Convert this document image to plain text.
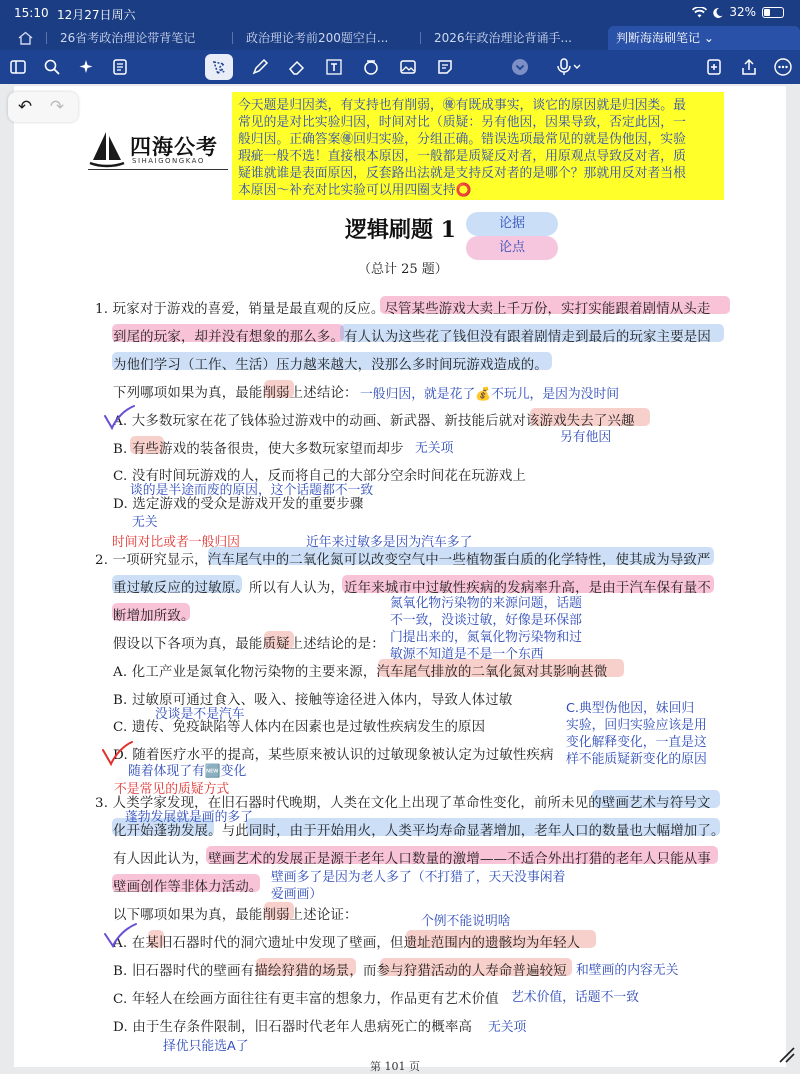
15:10 12月27日周六	32%
26省考政治理论带背笔记	政治理论考前200题空白...	2026年政治理论背诵手...	判断海海刷笔记 ⌄
↶ ↷
四海公考
SIHAIGONGKAO
今天题是归因类，有支持也有削弱，㊝有既成事实，谈它的原因就是归因类。最
常见的是对比实验归因，时间对比（质疑：另有他因，因果导致，否定此因，一
般归因。正确答案㊝回归实验，分组正确。错误选项最常见的就是伪他因，实验
瑕疵一般不选！直接根本原因，一般都是质疑反对者，用原观点导致反对者，质
疑谁就谁是表面原因，反套路出法就是支持反对者的是哪个？那就用反对者当根
本原因～补充对比实验可以用四圈支持⭕
逻辑刷题 1
（总计 25 题）
论据
论点
1. 玩家对于游戏的喜爱，销量是最直观的反应。尽管某些游戏大卖上千万份，实打实能跟着剧情从头走
到尾的玩家，却并没有想象的那么多。有人认为这些花了钱但没有跟着剧情走到最后的玩家主要是因
为他们学习（工作、生活）压力越来越大，没那么多时间玩游戏造成的。
下列哪项如果为真，最能削弱上述结论： 一般归因，就是花了💰不玩儿，是因为没时间
A. 大多数玩家在花了钱体验过游戏中的动画、新武器、新技能后就对该游戏失去了兴趣
另有他因
B. 有些游戏的装备很贵，使大多数玩家望而却步 无关项
C. 没有时间玩游戏的人，反而将自己的大部分空余时间花在玩游戏上
谈的是半途而废的原因，这个话题都不一致
D. 选定游戏的受众是游戏开发的重要步骤
无关
时间对比或者一般归因	近年来过敏多是因为汽车多了
2. 一项研究显示，汽车尾气中的二氧化氮可以改变空气中一些植物蛋白质的化学特性，使其成为导致严
重过敏反应的过敏原。所以有人认为，近年来城市中过敏性疾病的发病率升高，是由于汽车保有量不
断增加所致。
假设以下各项为真，最能质疑上述结论的是：
氮氧化物污染物的来源问题，话题
不一致，没谈过敏，好像是环保部
门提出来的，氮氧化物污染物和过
敏源不知道是不是一个东西
A. 化工产业是氮氧化物污染物的主要来源，汽车尾气排放的二氧化氮对其影响甚微
B. 过敏原可通过食入、吸入、接触等途径进入体内，导致人体过敏
没谈是不是汽车	C.典型伪他因，妹回归
实验，回归实验应该是用
变化解释变化，一直是这
样不能质疑新变化的原因
C. 遗传、免疫缺陷等人体内在因素也是过敏性疾病发生的原因
D. 随着医疗水平的提高，某些原来被认识的过敏现象被认定为过敏性疾病
随着体现了有🆕变化
不是常见的质疑方式
3. 人类学家发现，在旧石器时代晚期，人类在文化上出现了革命性变化，前所未见的壁画艺术与符号文
蓬勃发展就是画的多了
化开始蓬勃发展。与此同时，由于开始用火，人类平均寿命显著增加，老年人口的数量也大幅增加了。
有人因此认为，壁画艺术的发展正是源于老年人口数量的激增——不适合外出打猎的老年人只能从事
壁画创作等非体力活动。
壁画多了是因为老人多了（不打猎了，天天没事闲着
爱画画）
以下哪项如果为真，最能削弱上述论证：	个例不能说明啥
A. 在某旧石器时代的洞穴遗址中发现了壁画，但遗址范围内的遗骸均为年轻人
B. 旧石器时代的壁画有描绘狩猎的场景，而参与狩猎活动的人寿命普遍较短 和壁画的内容无关
C. 年轻人在绘画方面往往有更丰富的想象力，作品更有艺术价值 艺术价值，话题不一致
D. 由于生存条件限制，旧石器时代老年人患病死亡的概率高 无关项
择优只能选A了
第 101 页
